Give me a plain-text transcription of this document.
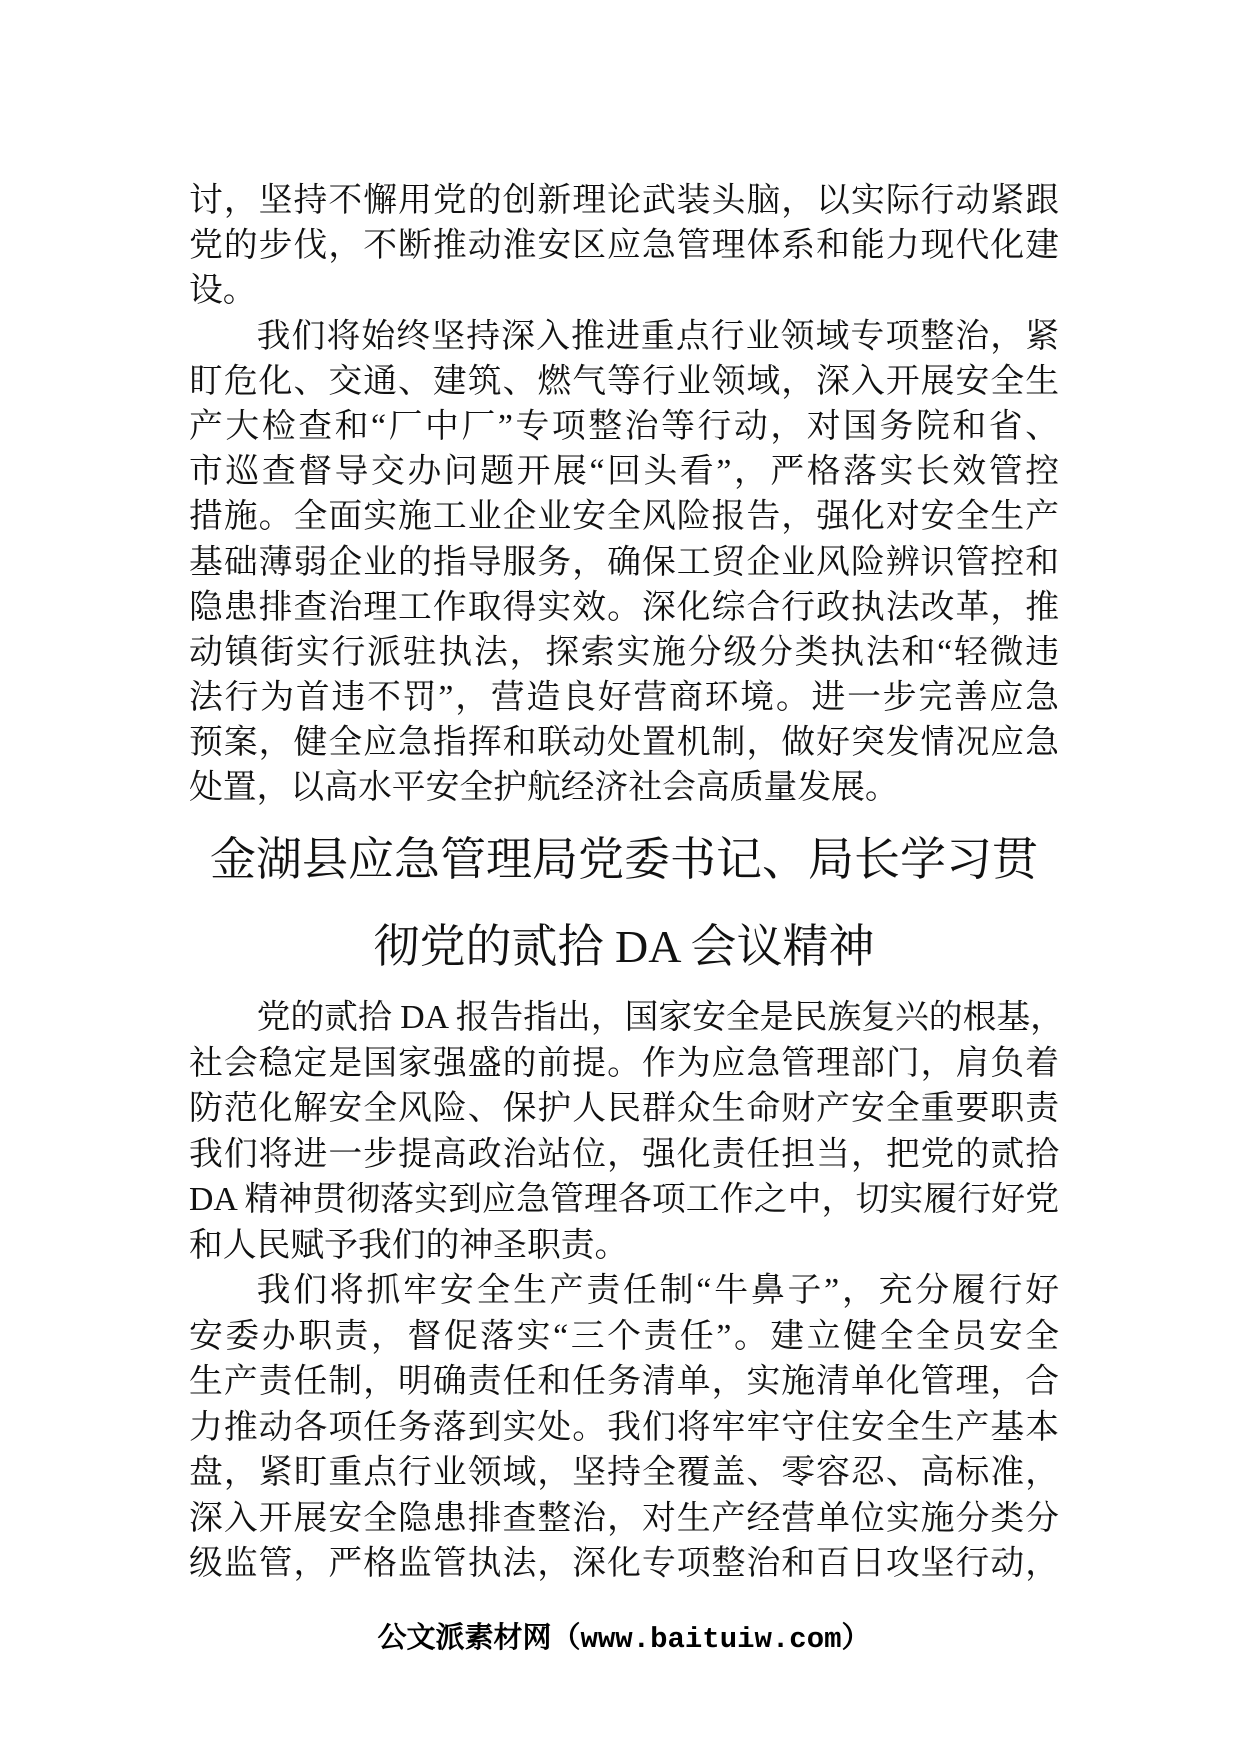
讨，坚持不懈用党的创新理论武装头脑，以实际行动紧跟
党的步伐，不断推动淮安区应急管理体系和能力现代化建
设。
我们将始终坚持深入推进重点行业领域专项整治，紧
盯危化、交通、建筑、燃气等行业领域，深入开展安全生
产大检查和“厂中厂”专项整治等行动，对国务院和省、
市巡查督导交办问题开展“回头看”，严格落实长效管控
措施。全面实施工业企业安全风险报告，强化对安全生产
基础薄弱企业的指导服务，确保工贸企业风险辨识管控和
隐患排查治理工作取得实效。深化综合行政执法改革，推
动镇街实行派驻执法，探索实施分级分类执法和“轻微违
法行为首违不罚”，营造良好营商环境。进一步完善应急
预案，健全应急指挥和联动处置机制，做好突发情况应急
处置，以高水平安全护航经济社会高质量发展。
金湖县应急管理局党委书记、局长学习贯
彻党的贰拾 DA 会议精神
党的贰拾 DA 报告指出，国家安全是民族复兴的根基，
社会稳定是国家强盛的前提。作为应急管理部门，肩负着
防范化解安全风险、保护人民群众生命财产安全重要职责
我们将进一步提高政治站位，强化责任担当，把党的贰拾
DA 精神贯彻落实到应急管理各项工作之中，切实履行好党
和人民赋予我们的神圣职责。
我们将抓牢安全生产责任制“牛鼻子”，充分履行好
安委办职责，督促落实“三个责任”。建立健全全员安全
生产责任制，明确责任和任务清单，实施清单化管理，合
力推动各项任务落到实处。我们将牢牢守住安全生产基本
盘，紧盯重点行业领域，坚持全覆盖、零容忍、高标准，
深入开展安全隐患排查整治，对生产经营单位实施分类分
级监管，严格监管执法，深化专项整治和百日攻坚行动，
公文派素材网（www.baituiw.com）
